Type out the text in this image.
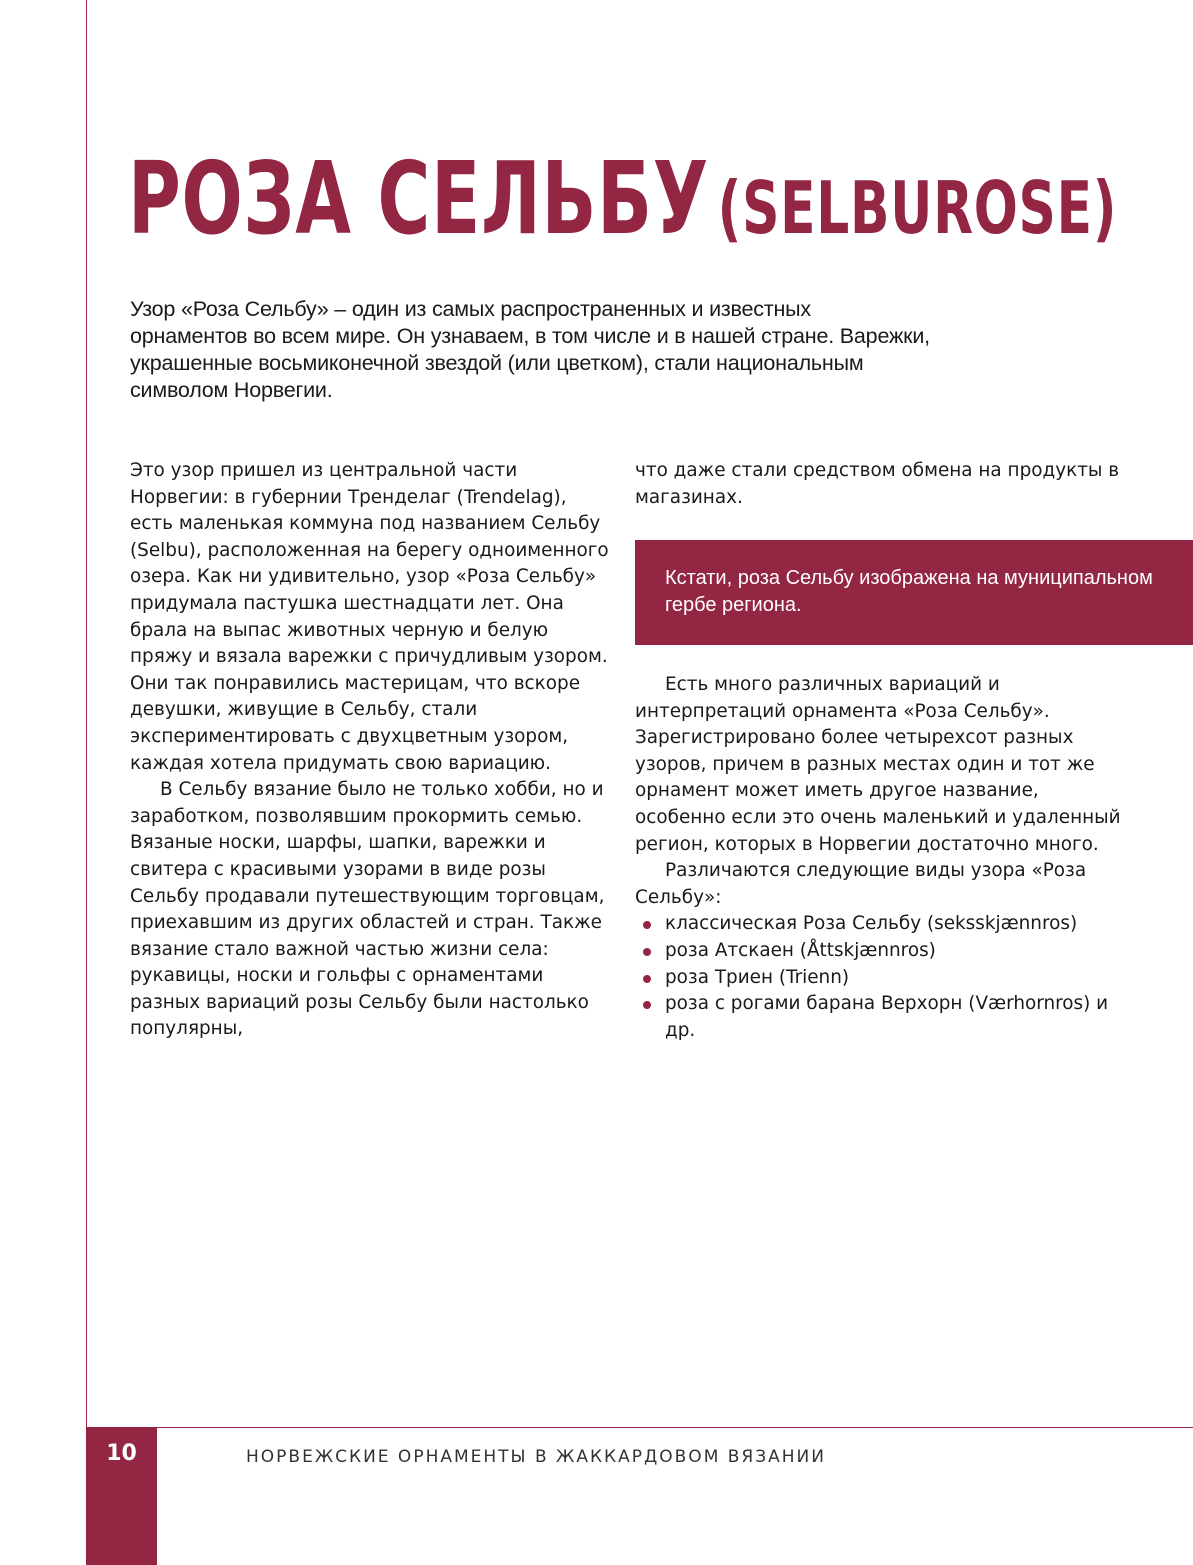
РОЗА СЕЛЬБУ (SELBUROSE)

Узор «Роза Сельбу» – один из самых распространенных и известных орнаментов во всем мире. Он узнаваем, в том числе и в нашей стране. Варежки, украшенные восьмиконечной звездой (или цветком), стали национальным символом Норвегии.

Это узор пришел из центральной части Норвегии: в губернии Тренделаг (Trendelag), есть маленькая коммуна под названием Сельбу (Selbu), расположенная на берегу одноименного озера. Как ни удивительно, узор «Роза Сельбу» придумала пастушка шестнадцати лет. Она брала на выпас животных черную и белую пряжу и вязала варежки с причудливым узором. Они так понравились мастерицам, что вскоре девушки, живущие в Сельбу, стали экспериментировать с двухцветным узором, каждая хотела придумать свою вариацию.

В Сельбу вязание было не только хобби, но и заработком, позволявшим прокормить семью. Вязаные носки, шарфы, шапки, варежки и свитера с красивыми узорами в виде розы Сельбу продавали путешествующим торговцам, приехавшим из других областей и стран. Также вязание стало важной частью жизни села: рукавицы, носки и гольфы с орнаментами разных вариаций розы Сельбу были настолько популярны,

что даже стали средством обмена на продукты в магазинах.

Кстати, роза Сельбу изображена на муниципальном гербе региона.

Есть много различных вариаций и интерпретаций орнамента «Роза Сельбу». Зарегистрировано более четырехсот разных узоров, причем в разных местах один и тот же орнамент может иметь другое название, особенно если это очень маленький и удаленный регион, которых в Норвегии достаточно много.

Различаются следующие виды узора «Роза Сельбу»:

классическая Роза Сельбу (seksskjænnros)
роза Атскаен (Åttskjænnros)
роза Триен (Trienn)
роза с рогами барана Верхорн (Værhornros) и др.
10	НОРВЕЖСКИЕ ОРНАМЕНТЫ В ЖАККАРДОВОМ ВЯЗАНИИ
